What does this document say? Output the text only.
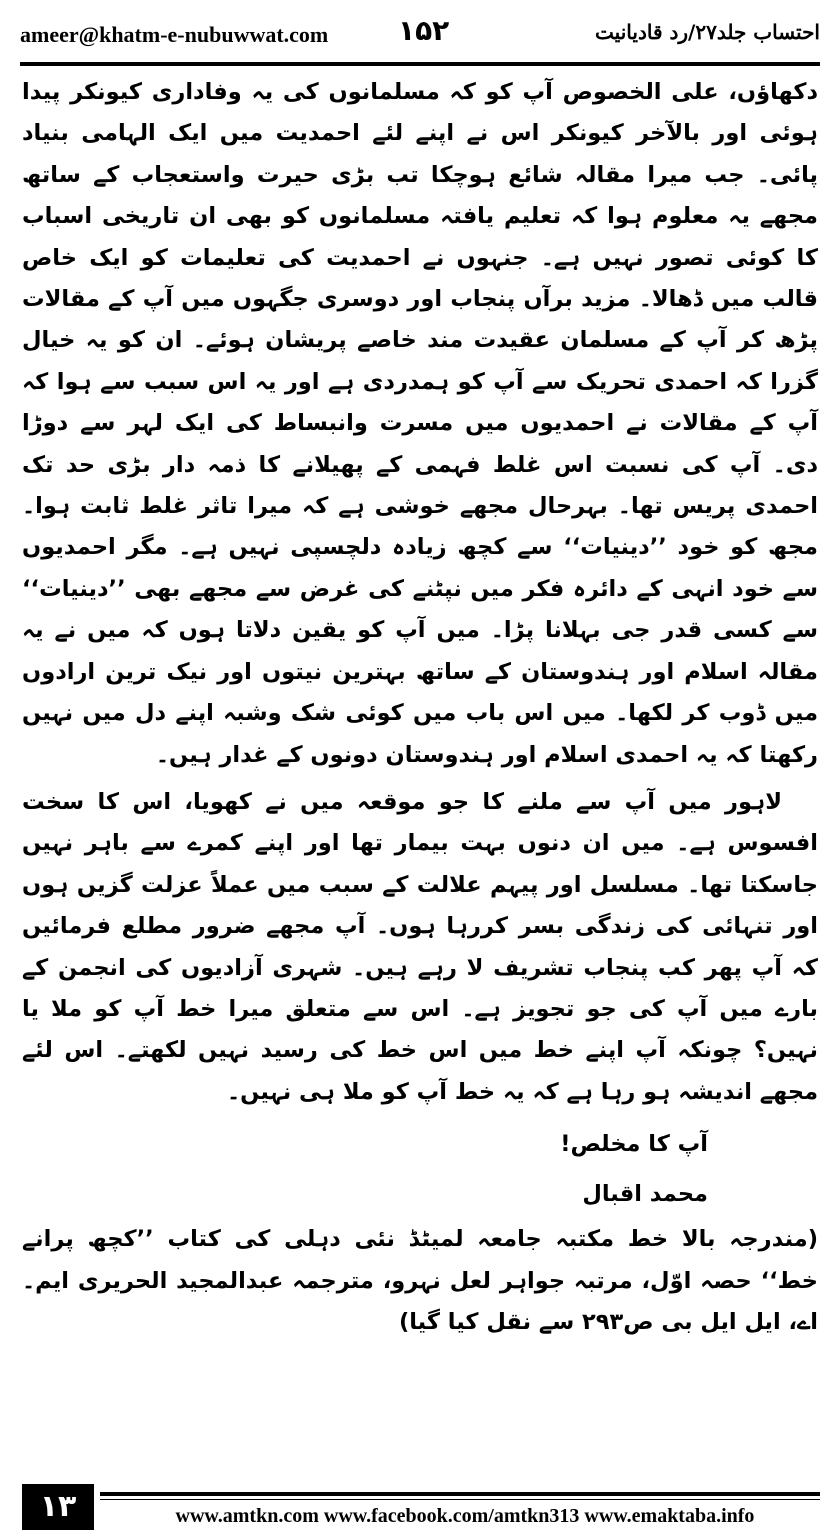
ameer@khatm-e-nubuwwat.com ۱۵۲	احتساب جلد۲۷/رد قادیانیت

دکھاؤں، علی الخصوص آپ کو کہ مسلمانوں کی یہ وفاداری کیونکر پیدا ہوئی اور بالآخر کیونکر اس نے اپنے لئے احمدیت میں ایک الہامی بنیاد پائی۔ جب میرا مقالہ شائع ہوچکا تب بڑی حیرت واستعجاب کے ساتھ مجھے یہ معلوم ہوا کہ تعلیم یافتہ مسلمانوں کو بھی ان تاریخی اسباب کا کوئی تصور نہیں ہے۔ جنہوں نے احمدیت کی تعلیمات کو ایک خاص قالب میں ڈھالا۔ مزید برآں پنجاب اور دوسری جگہوں میں آپ کے مقالات پڑھ کر آپ کے مسلمان عقیدت مند خاصے پریشان ہوئے۔ ان کو یہ خیال گزرا کہ احمدی تحریک سے آپ کو ہمدردی ہے اور یہ اس سبب سے ہوا کہ آپ کے مقالات نے احمدیوں میں مسرت وانبساط کی ایک لہر سے دوڑا دی۔ آپ کی نسبت اس غلط فہمی کے پھیلانے کا ذمہ دار بڑی حد تک احمدی پریس تھا۔ بہرحال مجھے خوشی ہے کہ میرا تاثر غلط ثابت ہوا۔ مجھ کو خود ’’دینیات‘‘ سے کچھ زیادہ دلچسپی نہیں ہے۔ مگر احمدیوں سے خود انہی کے دائرہ فکر میں نپٹنے کی غرض سے مجھے بھی ’’دینیات‘‘ سے کسی قدر جی بہلانا پڑا۔ میں آپ کو یقین دلاتا ہوں کہ میں نے یہ مقالہ اسلام اور ہندوستان کے ساتھ بہترین نیتوں اور نیک ترین ارادوں میں ڈوب کر لکھا۔ میں اس باب میں کوئی شک وشبہ اپنے دل میں نہیں رکھتا کہ یہ احمدی اسلام اور ہندوستان دونوں کے غدار ہیں۔

لاہور میں آپ سے ملنے کا جو موقعہ میں نے کھویا، اس کا سخت افسوس ہے۔ میں ان دنوں بہت بیمار تھا اور اپنے کمرے سے باہر نہیں جاسکتا تھا۔ مسلسل اور پیہم علالت کے سبب میں عملاً عزلت گزیں ہوں اور تنہائی کی زندگی بسر کررہا ہوں۔ آپ مجھے ضرور مطلع فرمائیں کہ آپ پھر کب پنجاب تشریف لا رہے ہیں۔ شہری آزادیوں کی انجمن کے بارے میں آپ کی جو تجویز ہے۔ اس سے متعلق میرا خط آپ کو ملا یا نہیں؟ چونکہ آپ اپنے خط میں اس خط کی رسید نہیں لکھتے۔ اس لئے مجھے اندیشہ ہو رہا ہے کہ یہ خط آپ کو ملا ہی نہیں۔

آپ کا مخلص!
محمد اقبال

(مندرجہ بالا خط مکتبہ جامعہ لمیٹڈ نئی دہلی کی کتاب ’’کچھ پرانے خط‘‘ حصہ اوّل، مرتبہ جواہر لعل نہرو، مترجمہ عبدالمجید الحریری ایم۔اے، ایل ایل بی ص۲۹۳ سے نقل کیا گیا)

۱۳	www.amtkn.com www.facebook.com/amtkn313 www.emaktaba.info
